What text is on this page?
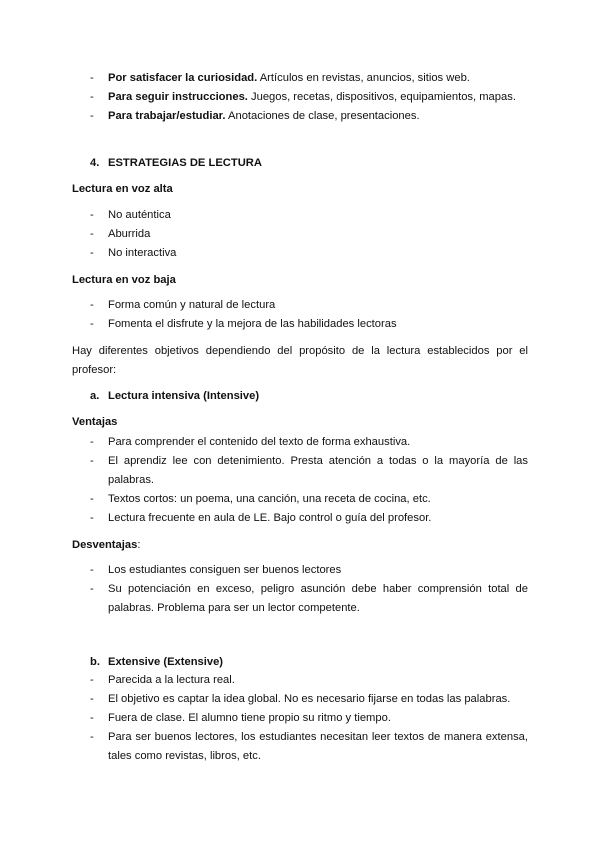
- Por satisfacer la curiosidad. Artículos en revistas, anuncios, sitios web.
- Para seguir instrucciones. Juegos, recetas, dispositivos, equipamientos, mapas.
- Para trabajar/estudiar. Anotaciones de clase, presentaciones.
4. ESTRATEGIAS DE LECTURA
Lectura en voz alta
- No auténtica
- Aburrida
- No interactiva
Lectura en voz baja
- Forma común y natural de lectura
- Fomenta el disfrute y la mejora de las habilidades lectoras
Hay diferentes objetivos dependiendo del propósito de la lectura establecidos por el profesor:
a. Lectura intensiva (Intensive)
Ventajas
- Para comprender el contenido del texto de forma exhaustiva.
- El aprendiz lee con detenimiento. Presta atención a todas o la mayoría de las palabras.
- Textos cortos: un poema, una canción, una receta de cocina, etc.
- Lectura frecuente en aula de LE. Bajo control o guía del profesor.
Desventajas:
- Los estudiantes consiguen ser buenos lectores
- Su potenciación en exceso, peligro asunción debe haber comprensión total de palabras. Problema para ser un lector competente.
b. Extensive (Extensive)
- Parecida a la lectura real.
- El objetivo es captar la idea global. No es necesario fijarse en todas las palabras.
- Fuera de clase. El alumno tiene propio su ritmo y tiempo.
- Para ser buenos lectores, los estudiantes necesitan leer textos de manera extensa, tales como revistas, libros, etc.
